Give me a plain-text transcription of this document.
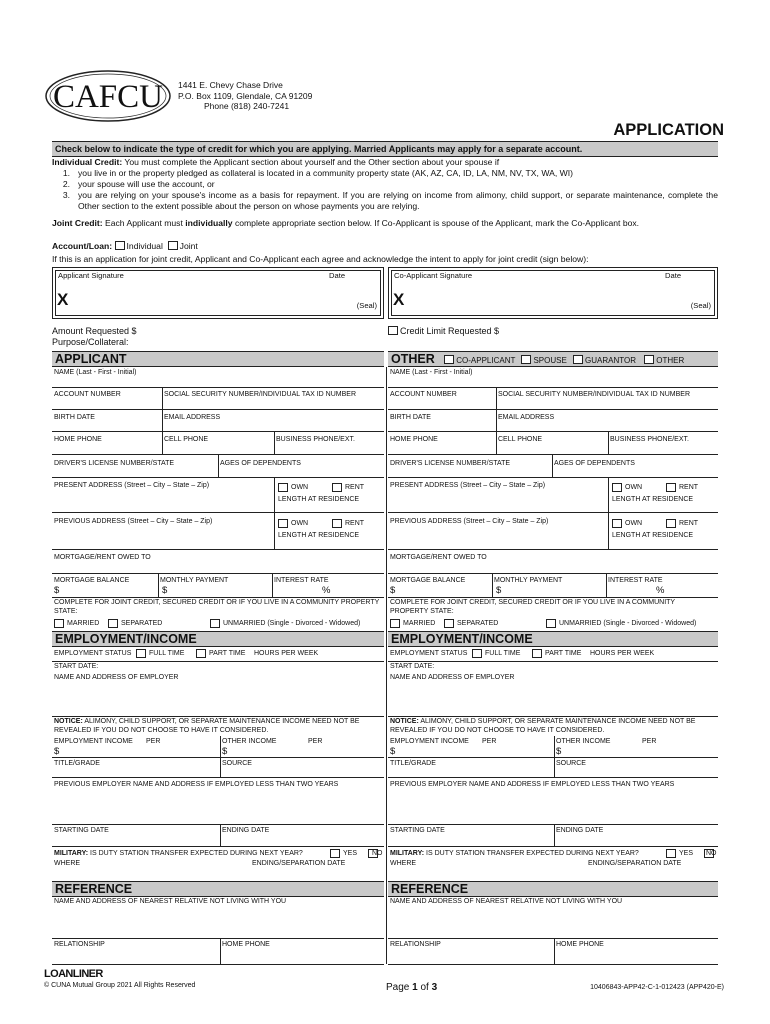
CAFCU 1441 E. Chevy Chase Drive
P.O. Box 1109, Glendale, CA 91209
Phone (818) 240-7241
APPLICATION
Check below to indicate the type of credit for which you are applying. Married Applicants may apply for a separate account.
Individual Credit: You must complete the Applicant section about yourself and the Other section about your spouse if
1. you live in or the property pledged as collateral is located in a community property state (AK, AZ, CA, ID, LA, NM, NV, TX, WA, WI)
2. your spouse will use the account, or
3. you are relying on your spouse's income as a basis for repayment. If you are relying on income from alimony, child support, or separate maintenance, complete the Other section to the extent possible about the person on whose payments you are relying.
Joint Credit: Each Applicant must individually complete appropriate section below. If Co-Applicant is spouse of the Applicant, mark the Co-Applicant box.
Account/Loan: Individual Joint
If this is an application for joint credit, Applicant and Co-Applicant each agree and acknowledge the intent to apply for joint credit (sign below):
Applicant Signature	Date
X	(Seal)
Co-Applicant Signature	Date
X	(Seal)
Amount Requested $
Purpose/Collateral:
Credit Limit Requested $
APPLICANT	OTHER	CO-APPLICANT SPOUSE GUARANTOR	OTHER
NAME (Last - First - Initial)
ACCOUNT NUMBER	SOCIAL SECURITY NUMBER/INDIVIDUAL TAX ID NUMBER
BIRTH DATE	EMAIL ADDRESS
HOME PHONE	CELL PHONE	BUSINESS PHONE/EXT.
DRIVER'S LICENSE NUMBER/STATE	AGES OF DEPENDENTS
PRESENT ADDRESS (Street – City – State – Zip)	OWN	RENT
LENGTH AT RESIDENCE
PREVIOUS ADDRESS (Street – City – State – Zip)	OWN	RENT
LENGTH AT RESIDENCE
MORTGAGE/RENT OWED TO
MORTGAGE BALANCE	MONTHLY PAYMENT	INTEREST RATE
$	$	%
COMPLETE FOR JOINT CREDIT, SECURED CREDIT OR IF YOU LIVE IN A COMMUNITY PROPERTY STATE:
MARRIED	SEPARATED	UNMARRIED (Single - Divorced - Widowed)
EMPLOYMENT/INCOME
EMPLOYMENT STATUS	FULL TIME	PART TIME HOURS PER WEEK
START DATE:
NAME AND ADDRESS OF EMPLOYER
NOTICE: ALIMONY, CHILD SUPPORT, OR SEPARATE MAINTENANCE INCOME NEED NOT BE REVEALED IF YOU DO NOT CHOOSE TO HAVE IT CONSIDERED.
EMPLOYMENT INCOME PER	OTHER INCOME	PER
$	$
TITLE/GRADE	SOURCE
PREVIOUS EMPLOYER NAME AND ADDRESS IF EMPLOYED LESS THAN TWO YEARS
STARTING DATE	ENDING DATE
MILITARY: IS DUTY STATION TRANSFER EXPECTED DURING NEXT YEAR?	YES NO
WHERE	ENDING/SEPARATION DATE
REFERENCE
NAME AND ADDRESS OF NEAREST RELATIVE NOT LIVING WITH YOU
RELATIONSHIP	HOME PHONE
NAME (Last - First - Initial)
ACCOUNT NUMBER	SOCIAL SECURITY NUMBER/INDIVIDUAL TAX ID NUMBER
BIRTH DATE	EMAIL ADDRESS
HOME PHONE	CELL PHONE	BUSINESS PHONE/EXT.
DRIVER'S LICENSE NUMBER/STATE	AGES OF DEPENDENTS
PRESENT ADDRESS (Street – City – State – Zip)	OWN	RENT
LENGTH AT RESIDENCE
PREVIOUS ADDRESS (Street – City – State – Zip)	OWN	RENT
LENGTH AT RESIDENCE
MORTGAGE/RENT OWED TO
MORTGAGE BALANCE	MONTHLY PAYMENT	INTEREST RATE
$	$	%
COMPLETE FOR JOINT CREDIT, SECURED CREDIT OR IF YOU LIVE IN A COMMUNITY PROPERTY STATE:
MARRIED	SEPARATED	UNMARRIED (Single - Divorced - Widowed)
EMPLOYMENT/INCOME
EMPLOYMENT STATUS	FULL TIME	PART TIME HOURS PER WEEK
START DATE:
NAME AND ADDRESS OF EMPLOYER
NOTICE: ALIMONY, CHILD SUPPORT, OR SEPARATE MAINTENANCE INCOME NEED NOT BE REVEALED IF YOU DO NOT CHOOSE TO HAVE IT CONSIDERED.
EMPLOYMENT INCOME PER	OTHER INCOME	PER
$	$
TITLE/GRADE	SOURCE
PREVIOUS EMPLOYER NAME AND ADDRESS IF EMPLOYED LESS THAN TWO YEARS
STARTING DATE	ENDING DATE
MILITARY: IS DUTY STATION TRANSFER EXPECTED DURING NEXT YEAR?	YES NO
WHERE	ENDING/SEPARATION DATE
REFERENCE
NAME AND ADDRESS OF NEAREST RELATIVE NOT LIVING WITH YOU
RELATIONSHIP	HOME PHONE
LOANLINER
© CUNA Mutual Group 2021 All Rights Reserved	Page 1 of 3	10406843-APP42-C-1-012423 (APP420-E)
